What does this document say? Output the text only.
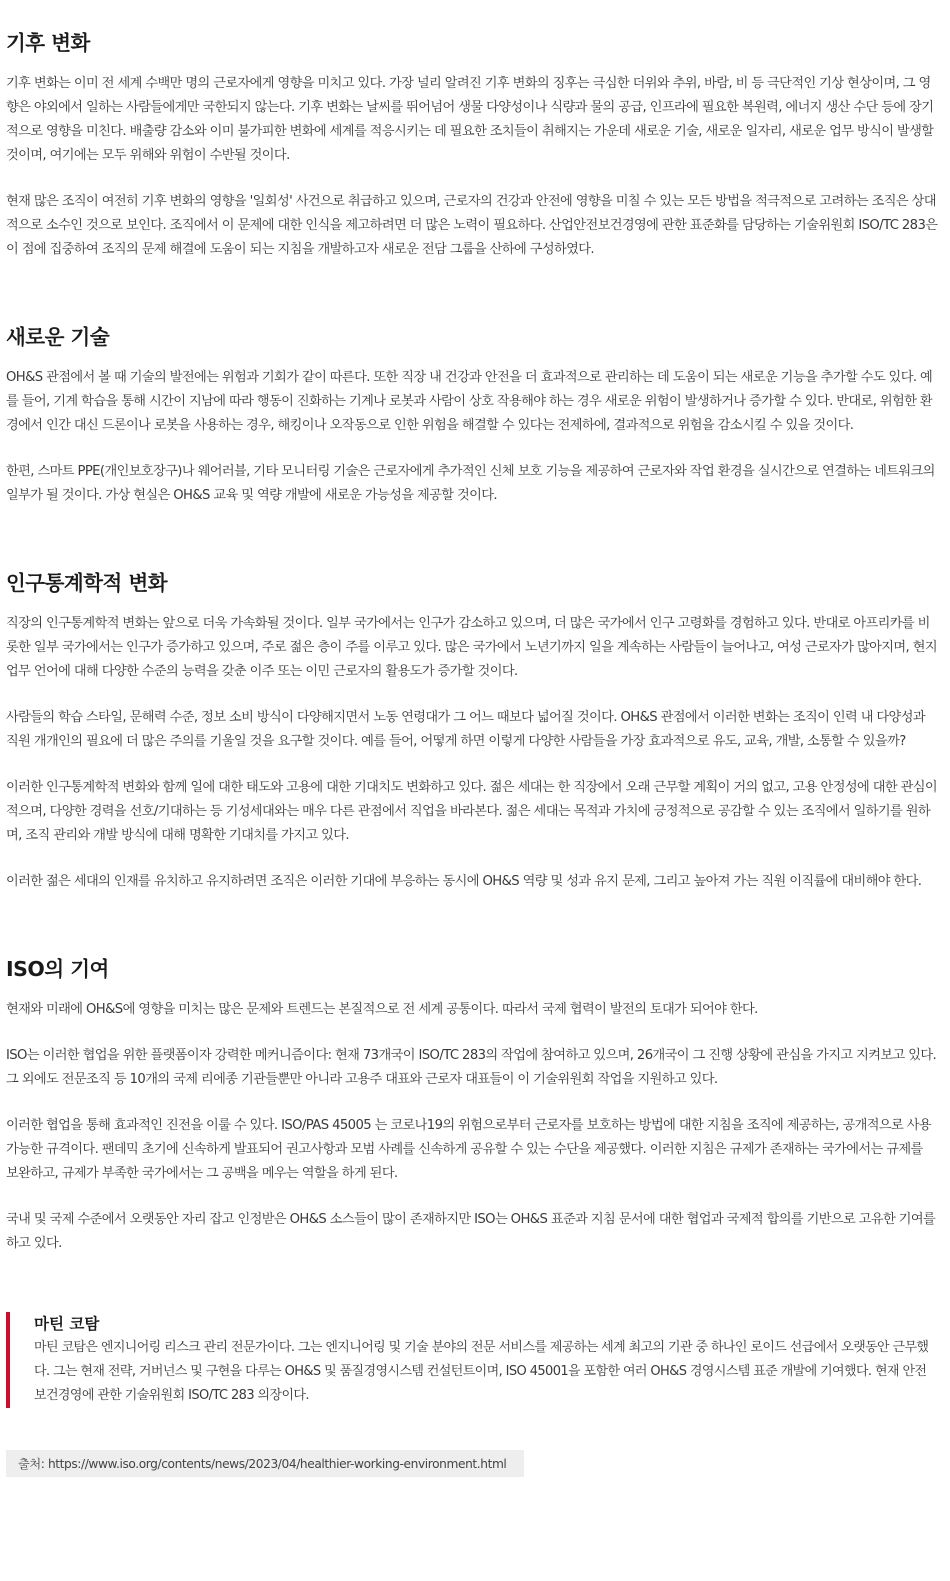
기후 변화

기후 변화는 이미 전 세계 수백만 명의 근로자에게 영향을 미치고 있다. 가장 널리 알려진 기후 변화의 징후는 극심한 더위와 추위, 바람, 비 등 극단적인 기상 현상이며, 그 영향은 야외에서 일하는 사람들에게만 국한되지 않는다. 기후 변화는 날씨를 뛰어넘어 생물 다양성이나 식량과 물의 공급, 인프라에 필요한 복원력, 에너지 생산 수단 등에 장기적으로 영향을 미친다. 배출량 감소와 이미 불가피한 변화에 세계를 적응시키는 데 필요한 조치들이 취해지는 가운데 새로운 기술, 새로운 일자리, 새로운 업무 방식이 발생할 것이며, 여기에는 모두 위해와 위험이 수반될 것이다.

현재 많은 조직이 여전히 기후 변화의 영향을 '일회성' 사건으로 취급하고 있으며, 근로자의 건강과 안전에 영향을 미칠 수 있는 모든 방법을 적극적으로 고려하는 조직은 상대적으로 소수인 것으로 보인다. 조직에서 이 문제에 대한 인식을 제고하려면 더 많은 노력이 필요하다. 산업안전보건경영에 관한 표준화를 담당하는 기술위원회 ISO/TC 283은 이 점에 집중하여 조직의 문제 해결에 도움이 되는 지침을 개발하고자 새로운 전담 그룹을 산하에 구성하였다.

새로운 기술

OH&S 관점에서 볼 때 기술의 발전에는 위험과 기회가 같이 따른다. 또한 직장 내 건강과 안전을 더 효과적으로 관리하는 데 도움이 되는 새로운 기능을 추가할 수도 있다. 예를 들어, 기계 학습을 통해 시간이 지남에 따라 행동이 진화하는 기계나 로봇과 사람이 상호 작용해야 하는 경우 새로운 위험이 발생하거나 증가할 수 있다. 반대로, 위험한 환경에서 인간 대신 드론이나 로봇을 사용하는 경우, 해킹이나 오작동으로 인한 위험을 해결할 수 있다는 전제하에, 결과적으로 위험을 감소시킬 수 있을 것이다.

한편, 스마트 PPE(개인보호장구)나 웨어러블, 기타 모니터링 기술은 근로자에게 추가적인 신체 보호 기능을 제공하여 근로자와 작업 환경을 실시간으로 연결하는 네트워크의 일부가 될 것이다. 가상 현실은 OH&S 교육 및 역량 개발에 새로운 가능성을 제공할 것이다.

인구통계학적 변화

직장의 인구통계학적 변화는 앞으로 더욱 가속화될 것이다. 일부 국가에서는 인구가 감소하고 있으며, 더 많은 국가에서 인구 고령화를 경험하고 있다. 반대로 아프리카를 비롯한 일부 국가에서는 인구가 증가하고 있으며, 주로 젊은 층이 주를 이루고 있다. 많은 국가에서 노년기까지 일을 계속하는 사람들이 늘어나고, 여성 근로자가 많아지며, 현지 업무 언어에 대해 다양한 수준의 능력을 갖춘 이주 또는 이민 근로자의 활용도가 증가할 것이다.

사람들의 학습 스타일, 문해력 수준, 정보 소비 방식이 다양해지면서 노동 연령대가 그 어느 때보다 넓어질 것이다. OH&S 관점에서 이러한 변화는 조직이 인력 내 다양성과 직원 개개인의 필요에 더 많은 주의를 기울일 것을 요구할 것이다. 예를 들어, 어떻게 하면 이렇게 다양한 사람들을 가장 효과적으로 유도, 교육, 개발, 소통할 수 있을까?

이러한 인구통계학적 변화와 함께 일에 대한 태도와 고용에 대한 기대치도 변화하고 있다. 젊은 세대는 한 직장에서 오래 근무할 계획이 거의 없고, 고용 안정성에 대한 관심이 적으며, 다양한 경력을 선호/기대하는 등 기성세대와는 매우 다른 관점에서 직업을 바라본다. 젊은 세대는 목적과 가치에 긍정적으로 공감할 수 있는 조직에서 일하기를 원하며, 조직 관리와 개발 방식에 대해 명확한 기대치를 가지고 있다.

이러한 젊은 세대의 인재를 유치하고 유지하려면 조직은 이러한 기대에 부응하는 동시에 OH&S 역량 및 성과 유지 문제, 그리고 높아져 가는 직원 이직률에 대비해야 한다.

ISO의 기여

현재와 미래에 OH&S에 영향을 미치는 많은 문제와 트렌드는 본질적으로 전 세계 공통이다. 따라서 국제 협력이 발전의 토대가 되어야 한다.

ISO는 이러한 협업을 위한 플랫폼이자 강력한 메커니즘이다: 현재 73개국이 ISO/TC 283의 작업에 참여하고 있으며, 26개국이 그 진행 상황에 관심을 가지고 지켜보고 있다. 그 외에도 전문조직 등 10개의 국제 리에종 기관들뿐만 아니라 고용주 대표와 근로자 대표들이 이 기술위원회 작업을 지원하고 있다.

이러한 협업을 통해 효과적인 진전을 이룰 수 있다. ISO/PAS 45005 는 코로나19의 위험으로부터 근로자를 보호하는 방법에 대한 지침을 조직에 제공하는, 공개적으로 사용 가능한 규격이다. 팬데믹 초기에 신속하게 발표되어 권고사항과 모범 사례를 신속하게 공유할 수 있는 수단을 제공했다. 이러한 지침은 규제가 존재하는 국가에서는 규제를 보완하고, 규제가 부족한 국가에서는 그 공백을 메우는 역할을 하게 된다.

국내 및 국제 수준에서 오랫동안 자리 잡고 인정받은 OH&S 소스들이 많이 존재하지만 ISO는 OH&S 표준과 지침 문서에 대한 협업과 국제적 합의를 기반으로 고유한 기여를 하고 있다.

마틴 코탐

마틴 코탐은 엔지니어링 리스크 관리 전문가이다. 그는 엔지니어링 및 기술 분야의 전문 서비스를 제공하는 세계 최고의 기관 중 하나인 로이드 선급에서 오랫동안 근무했다. 그는 현재 전략, 거버넌스 및 구현을 다루는 OH&S 및 품질경영시스템 컨설턴트이며, ISO 45001을 포함한 여러 OH&S 경영시스템 표준 개발에 기여했다. 현재 안전보건경영에 관한 기술위원회 ISO/TC 283 의장이다.

출처: https://www.iso.org/contents/news/2023/04/healthier-working-environment.html
